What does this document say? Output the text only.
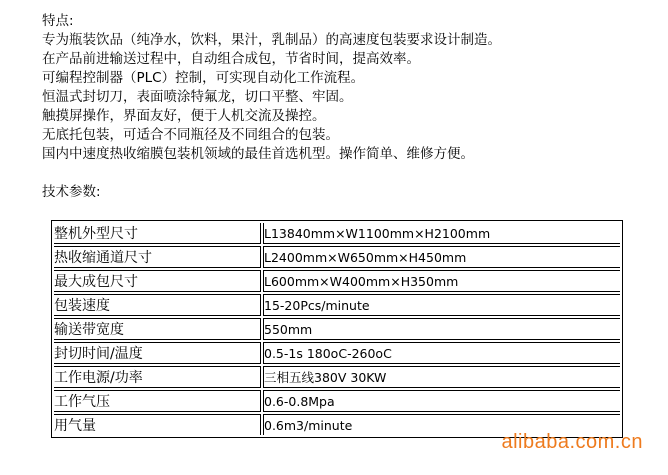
特点:
专为瓶装饮品（纯净水，饮料，果汁，乳制品）的高速度包装要求设计制造。
在产品前进输送过程中，自动组合成包，节省时间，提高效率。
可编程控制器（PLC）控制，可实现自动化工作流程。
恒温式封切刀，表面喷涂特氟龙，切口平整、牢固。
触摸屏操作，界面友好，便于人机交流及操控。
无底托包装，可适合不同瓶径及不同组合的包装。
国内中速度热收缩膜包装机领域的最佳首选机型。操作简单、维修方便。
技术参数:
整机外型尺寸	L13840mm×W1100mm×H2100mm
热收缩通道尺寸	L2400mm×W650mm×H450mm
最大成包尺寸	L600mm×W400mm×H350mm
包装速度	15-20Pcs/minute
输送带宽度	550mm
封切时间/温度	0.5-1s 180oC-260oC
工作电源/功率	三相五线380V 30KW
工作气压	0.6-0.8Mpa
用气量	0.6m3/minute
alibaba.com.cn
